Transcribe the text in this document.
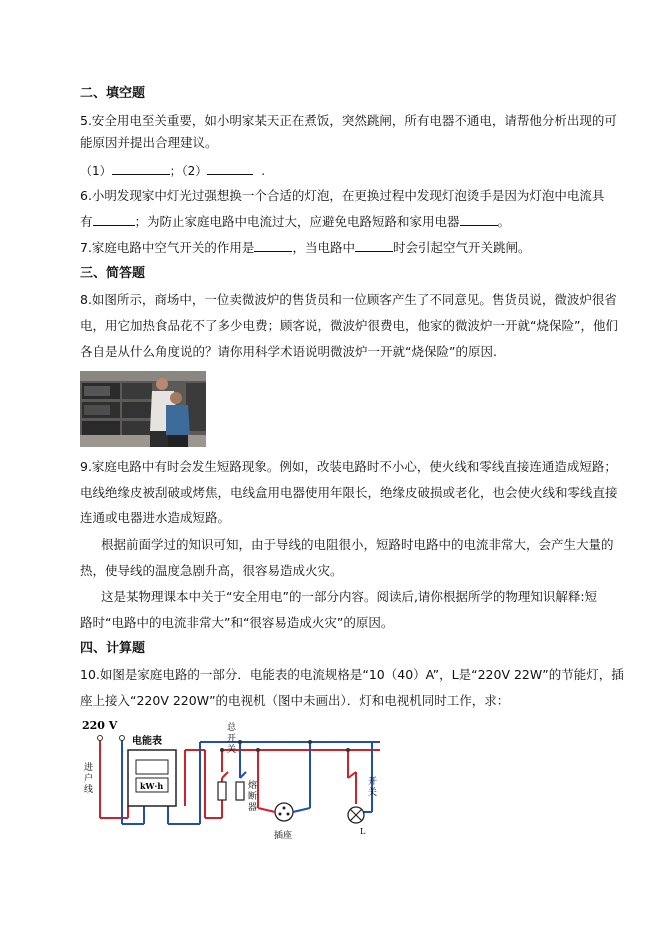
二、填空题
5.安全用电至关重要，如小明家某天正在煮饭，突然跳闸，所有电器不通电，请帮他分析出现的可
能原因并提出合理建议。
（1）	；（2）	.
6.小明发现家中灯光过强想换一个合适的灯泡，在更换过程中发现灯泡烫手是因为灯泡中电流具
有	；为防止家庭电路中电流过大，应避免电路短路和家用电器	。
7.家庭电路中空气开关的作用是	，当电路中	时会引起空气开关跳闸。
三、简答题
8.如图所示，商场中，一位卖微波炉的售货员和一位顾客产生了不同意见。售货员说，微波炉很省
电，用它加热食品花不了多少电费；顾客说，微波炉很费电，他家的微波炉一开就“烧保险”，他们
各自是从什么角度说的？请你用科学术语说明微波炉一开就“烧保险”的原因.
9.家庭电路中有时会发生短路现象。例如，改装电路时不小心，使火线和零线直接连通造成短路；
电线绝缘皮被刮破或烤焦，电线盒用电器使用年限长，绝缘皮破损或老化，也会使火线和零线直接
连通或电器进水造成短路。
根据前面学过的知识可知，由于导线的电阻很小，短路时电路中的电流非常大，会产生大量的
热，使导线的温度急剧升高，很容易造成火灾。
这是某物理课本中关于“安全用电”的一部分内容。阅读后,请你根据所学的物理知识解释:短
路时“电路中的电流非常大”和“很容易造成火灾”的原因。
四、计算题
10.如图是家庭电路的一部分．电能表的电流规格是“10（40）A”，L是“220V 22W”的节能灯，插
座上接入“220V 220W”的电视机（图中未画出）．灯和电视机同时工作，求：
220 V
进
户
线	kW·h
电能表
总
开
关
熔
断
器
插座
开
关
L
